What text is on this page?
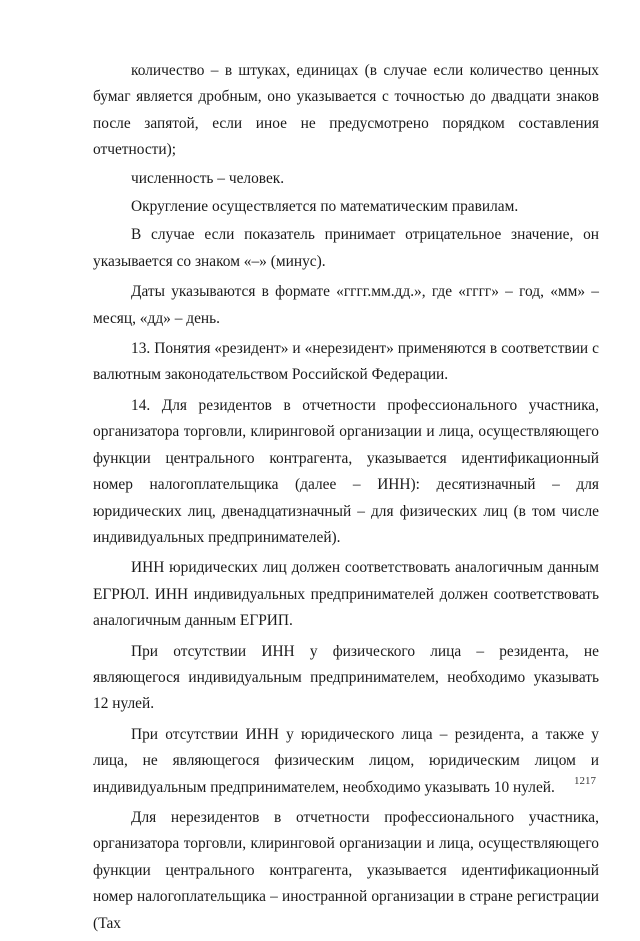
количество – в штуках, единицах (в случае если количество ценных бумаг является дробным, оно указывается с точностью до двадцати знаков после запятой, если иное не предусмотрено порядком составления отчетности);

численность – человек.

Округление осуществляется по математическим правилам.

В случае если показатель принимает отрицательное значение, он указывается со знаком «–» (минус).

Даты указываются в формате «гггг.мм.дд.», где «гггг» – год, «мм» – месяц, «дд» – день.

13. Понятия «резидент» и «нерезидент» применяются в соответствии с валютным законодательством Российской Федерации.

14. Для резидентов в отчетности профессионального участника, организатора торговли, клиринговой организации и лица, осуществляющего функции центрального контрагента, указывается идентификационный номер налогоплательщика (далее – ИНН): десятизначный – для юридических лиц, двенадцатизначный – для физических лиц (в том числе индивидуальных предпринимателей).

ИНН юридических лиц должен соответствовать аналогичным данным ЕГРЮЛ. ИНН индивидуальных предпринимателей должен соответствовать аналогичным данным ЕГРИП.

При отсутствии ИНН у физического лица – резидента, не являющегося индивидуальным предпринимателем, необходимо указывать 12 нулей.

При отсутствии ИНН у юридического лица – резидента, а также у лица, не являющегося физическим лицом, юридическим лицом и индивидуальным предпринимателем, необходимо указывать 10 нулей.

Для нерезидентов в отчетности профессионального участника, организатора торговли, клиринговой организации и лица, осуществляющего функции центрального контрагента, указывается идентификационный номер налогоплательщика – иностранной организации в стране регистрации (Tax

1217
